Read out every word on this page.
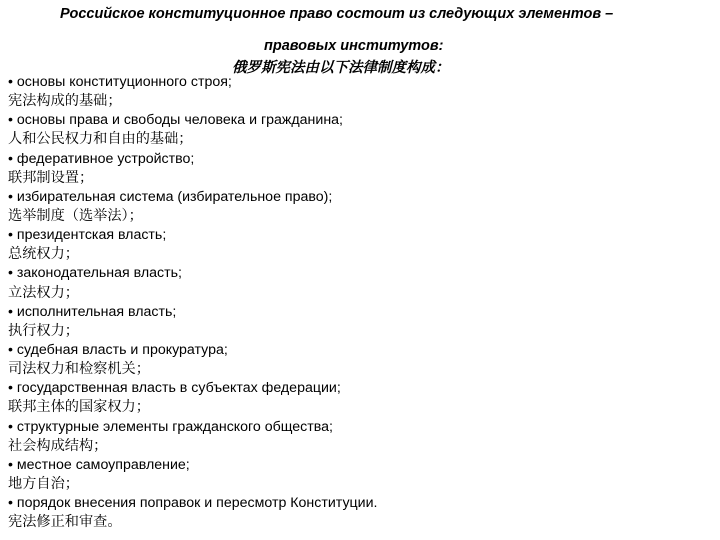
Российское конституционное право состоит из следующих элементов –
правовых институтов:
俄罗斯宪法由以下法律制度构成：
• основы конституционного строя;
宪法构成的基础；
• основы права и свободы человека и гражданина;
人和公民权力和自由的基础；
• федеративное устройство;
联邦制设置；
• избирательная система (избирательное право);
选举制度（选举法）；
• президентская власть;
总统权力；
• законодательная власть;
立法权力；
• исполнительная власть;
执行权力；
• судебная власть и прокуратура;
司法权力和检察机关；
• государственная власть в субъектах федерации;
联邦主体的国家权力；
• структурные элементы гражданского общества;
社会构成结构；
• местное самоуправление;
地方自治；
• порядок внесения поправок и пересмотр Конституции.
宪法修正和审查。
